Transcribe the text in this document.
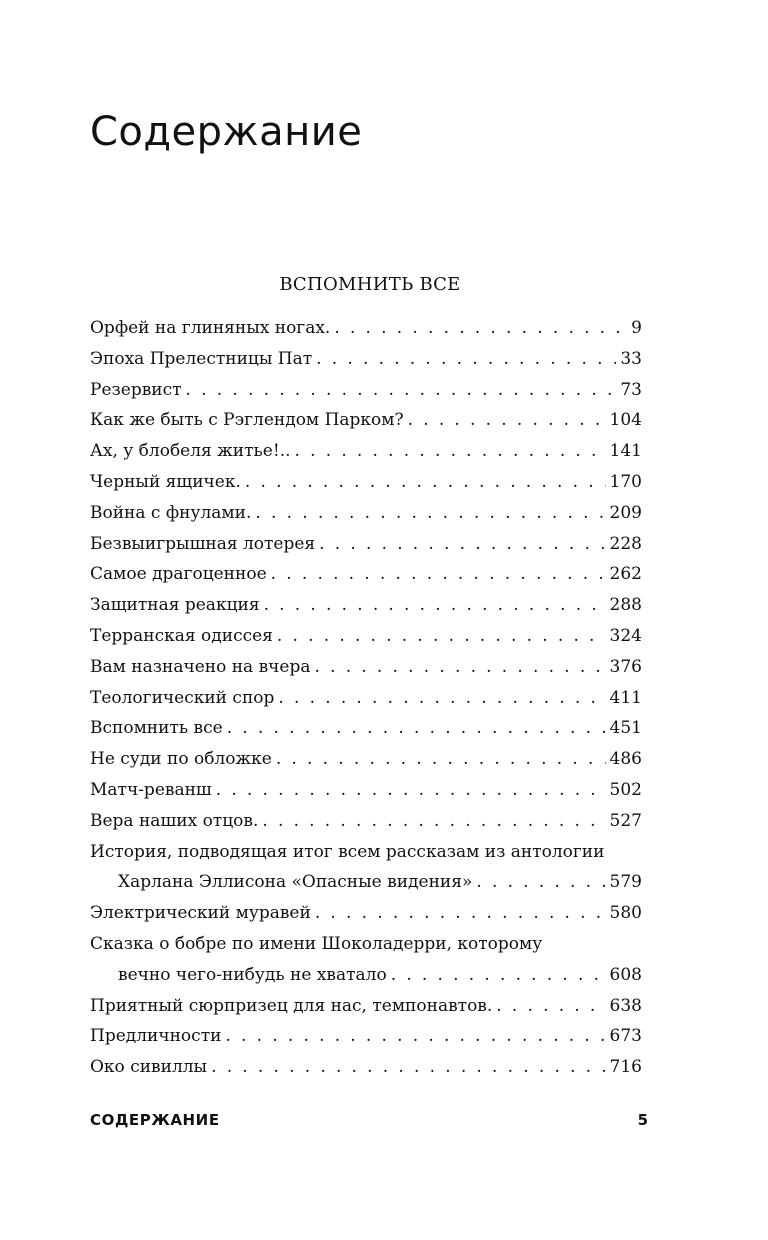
Содержание
ВСПОМНИТЬ ВСЕ
Орфей на глиняных ногах. . . .	9
Эпоха Прелестницы Пат . . .	33
Резервист . . .	73
Как же быть с Рэглендом Парком? . . .	104
Ах, у блобеля житье!.. . . .	141
Черный ящичек. . . .	170
Война с фнулами. . . .	209
Безвыигрышная лотерея . . .	228
Самое драгоценное . . .	262
Защитная реакция . . .	288
Терранская одиссея . . .	324
Вам назначено на вчера . . .	376
Теологический спор . . .	411
Вспомнить все . . .	451
Не суди по обложке . . .	486
Матч-реванш . . .	502
Вера наших отцов. . . .	527
История, подводящая итог всем рассказам из антологии
Харлана Эллисона «Опасные видения» . . .	579
Электрический муравей . . .	580
Сказка о бобре по имени Шоколадерри, которому
вечно чего-нибудь не хватало . . .	608
Приятный сюрпризец для нас, темпонавтов. . . .	638
Предличности . . .	673
Око сивиллы . . .	716
СОДЕРЖАНИЕ	5
